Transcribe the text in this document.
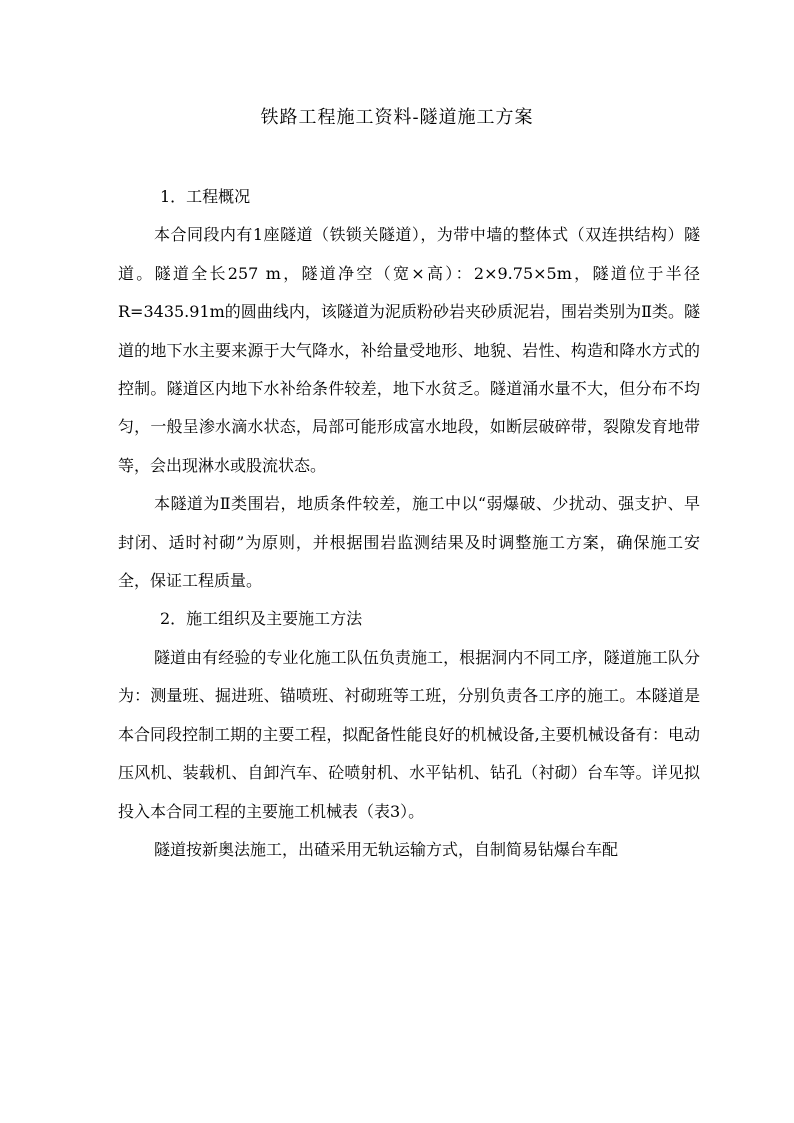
铁路工程施工资料-隧道施工方案

1．工程概况

本合同段内有1座隧道（铁锁关隧道），为带中墙的整体式（双连拱结构）隧道。隧道全长257 m，隧道净空（宽×高）：2×9.75×5m，隧道位于半径R=3435.91m的圆曲线内，该隧道为泥质粉砂岩夹砂质泥岩，围岩类别为Ⅱ类。隧道的地下水主要来源于大气降水，补给量受地形、地貌、岩性、构造和降水方式的控制。隧道区内地下水补给条件较差，地下水贫乏。隧道涌水量不大，但分布不均匀，一般呈渗水滴水状态，局部可能形成富水地段，如断层破碎带，裂隙发育地带等，会出现淋水或股流状态。

本隧道为Ⅱ类围岩，地质条件较差，施工中以“弱爆破、少扰动、强支护、早封闭、适时衬砌”为原则，并根据围岩监测结果及时调整施工方案，确保施工安全，保证工程质量。

2．施工组织及主要施工方法

隧道由有经验的专业化施工队伍负责施工，根据洞内不同工序，隧道施工队分为：测量班、掘进班、锚喷班、衬砌班等工班，分别负责各工序的施工。本隧道是本合同段控制工期的主要工程，拟配备性能良好的机械设备,主要机械设备有：电动压风机、装载机、自卸汽车、砼喷射机、水平钻机、钻孔（衬砌）台车等。详见拟投入本合同工程的主要施工机械表（表3）。

隧道按新奥法施工，出碴采用无轨运输方式，自制简易钻爆台车配
